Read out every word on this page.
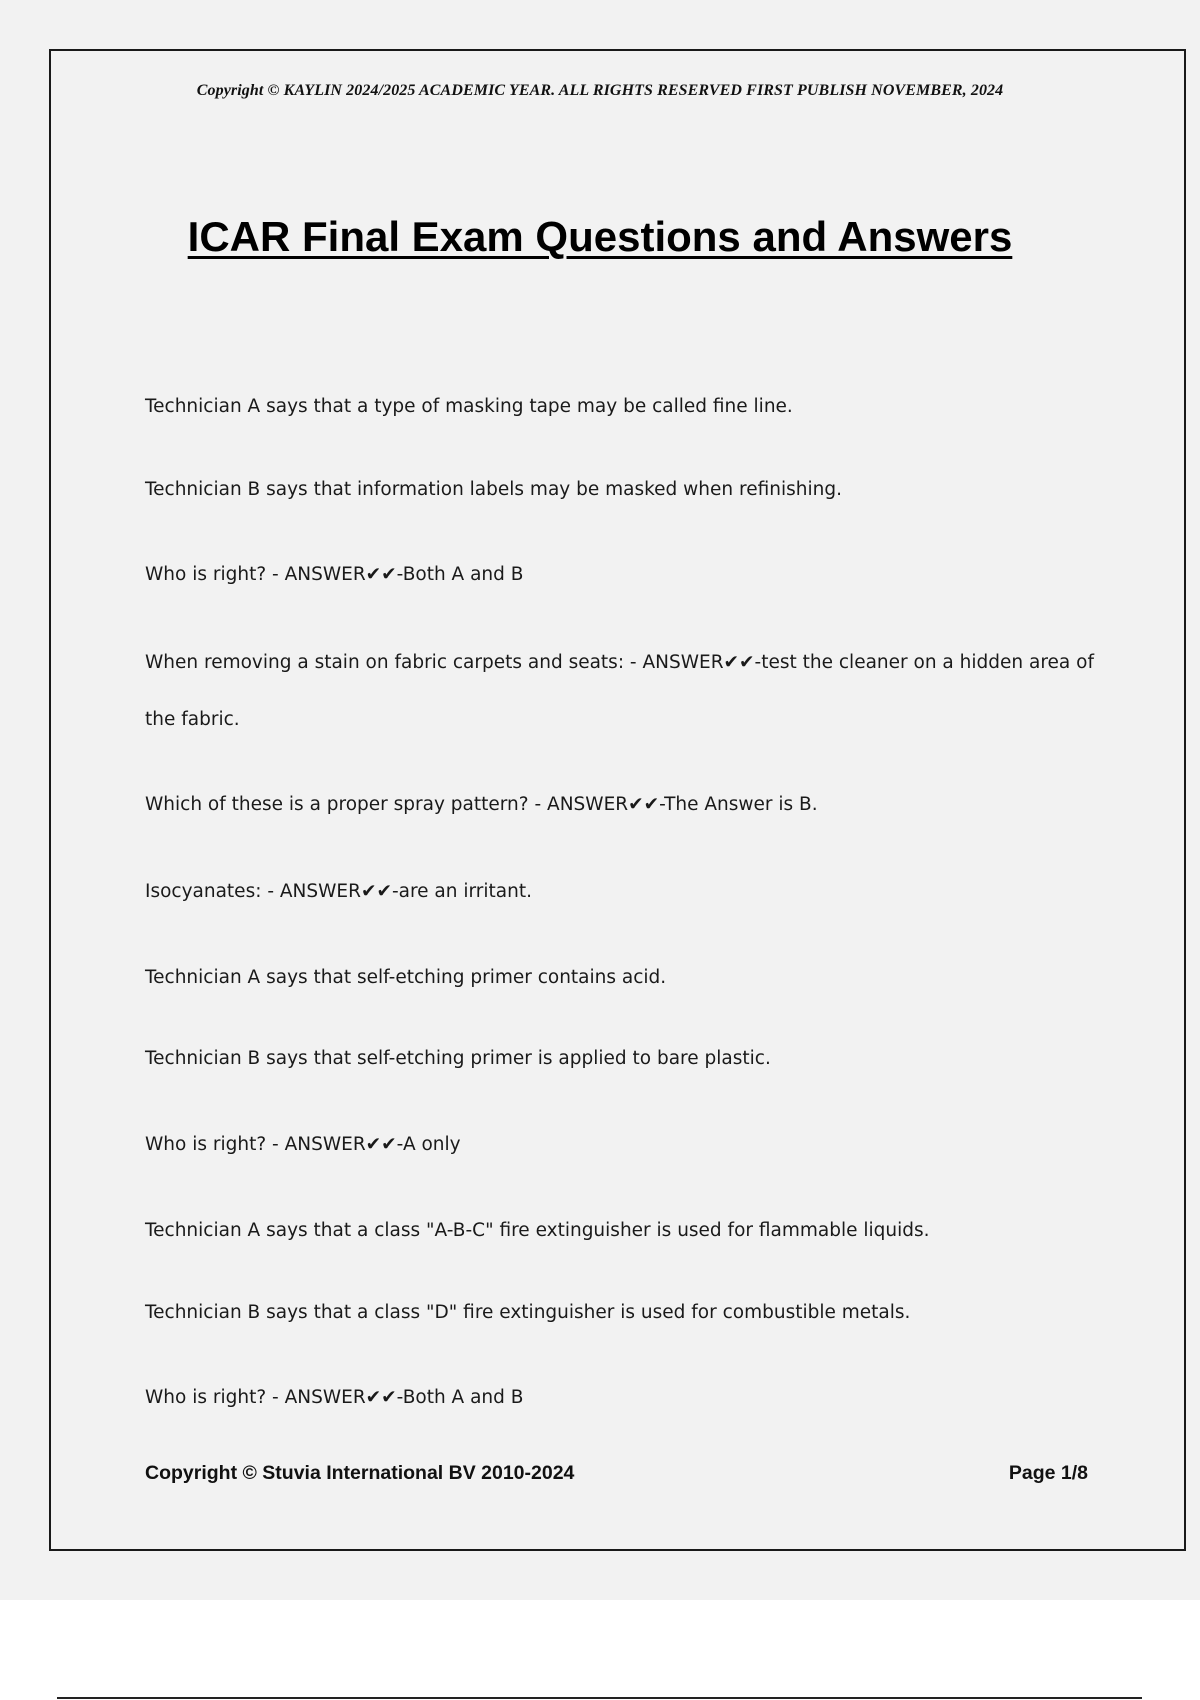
Copyright © KAYLIN 2024/2025 ACADEMIC YEAR. ALL RIGHTS RESERVED FIRST PUBLISH NOVEMBER, 2024
ICAR Final Exam Questions and Answers
Technician A says that a type of masking tape may be called fine line.
Technician B says that information labels may be masked when refinishing.
Who is right? - ANSWER✔✔-Both A and B
When removing a stain on fabric carpets and seats: - ANSWER✔✔-test the cleaner on a hidden area of
the fabric.
Which of these is a proper spray pattern? - ANSWER✔✔-The Answer is B.
Isocyanates: - ANSWER✔✔-are an irritant.
Technician A says that self-etching primer contains acid.
Technician B says that self-etching primer is applied to bare plastic.
Who is right? - ANSWER✔✔-A only
Technician A says that a class "A-B-C" fire extinguisher is used for flammable liquids.
Technician B says that a class "D" fire extinguisher is used for combustible metals.
Who is right? - ANSWER✔✔-Both A and B
Copyright © Stuvia International BV 2010-2024	Page 1/8
